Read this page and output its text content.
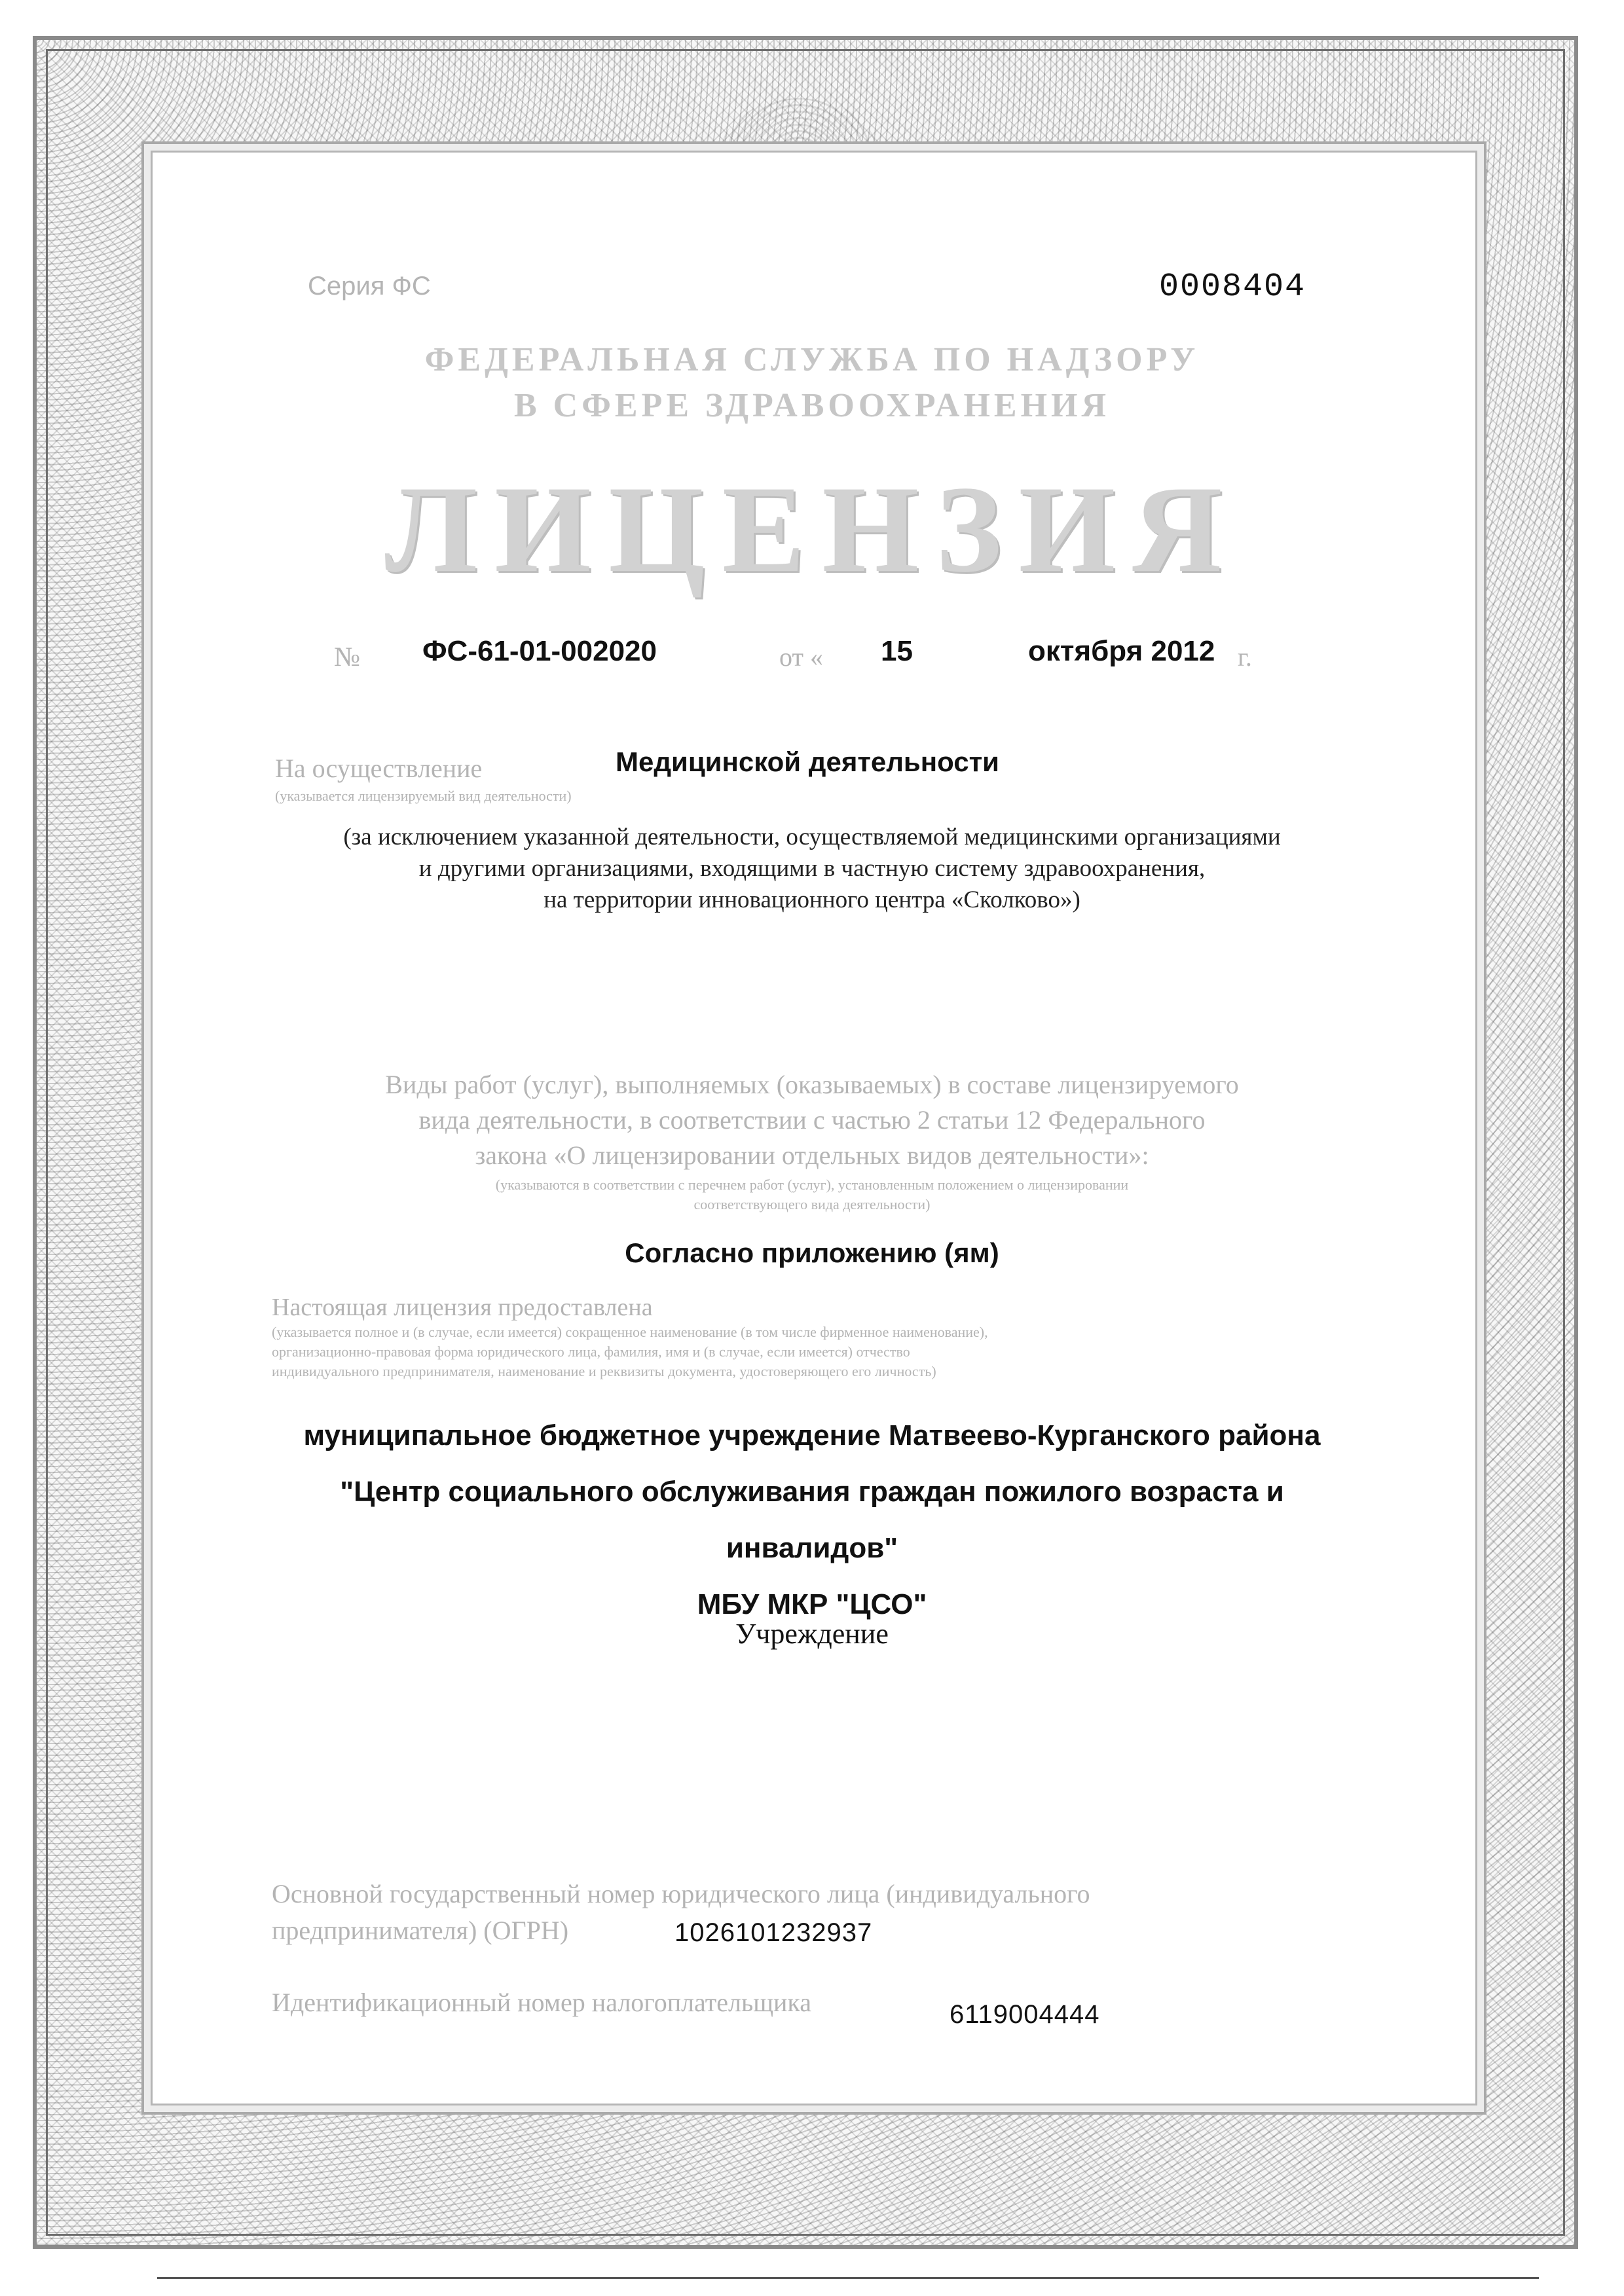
Серия ФС	0008404
ФЕДЕРАЛЬНАЯ СЛУЖБА ПО НАДЗОРУ
В СФЕРЕ ЗДРАВООХРАНЕНИЯ
ЛИЦЕНЗИЯ
№ ФС-61-01-002020	от « 15	октября 2012 г.
На осуществление	Медицинской деятельности
(указывается лицензируемый вид деятельности)
(за исключением указанной деятельности, осуществляемой медицинскими организациями
и другими организациями, входящими в частную систему здравоохранения,
на территории инновационного центра «Сколково»)
Виды работ (услуг), выполняемых (оказываемых) в составе лицензируемого
вида деятельности, в соответствии с частью 2 статьи 12 Федерального
закона «О лицензировании отдельных видов деятельности»:
(указываются в соответствии с перечнем работ (услуг), установленным положением о лицензировании
соответствующего вида деятельности)
Согласно приложению (ям)
Настоящая лицензия предоставлена
(указывается полное и (в случае, если имеется) сокращенное наименование (в том числе фирменное наименование),
организационно-правовая форма юридического лица, фамилия, имя и (в случае, если имеется) отчество
индивидуального предпринимателя, наименование и реквизиты документа, удостоверяющего его личность)
муниципальное бюджетное учреждение Матвеево-Курганского района
"Центр социального обслуживания граждан пожилого возраста и
инвалидов"
МБУ МКР "ЦСО"
Учреждение
Основной государственный номер юридического лица (индивидуального
предпринимателя) (ОГРН)	1026101232937
Идентификационный номер налогоплательщика	6119004444
